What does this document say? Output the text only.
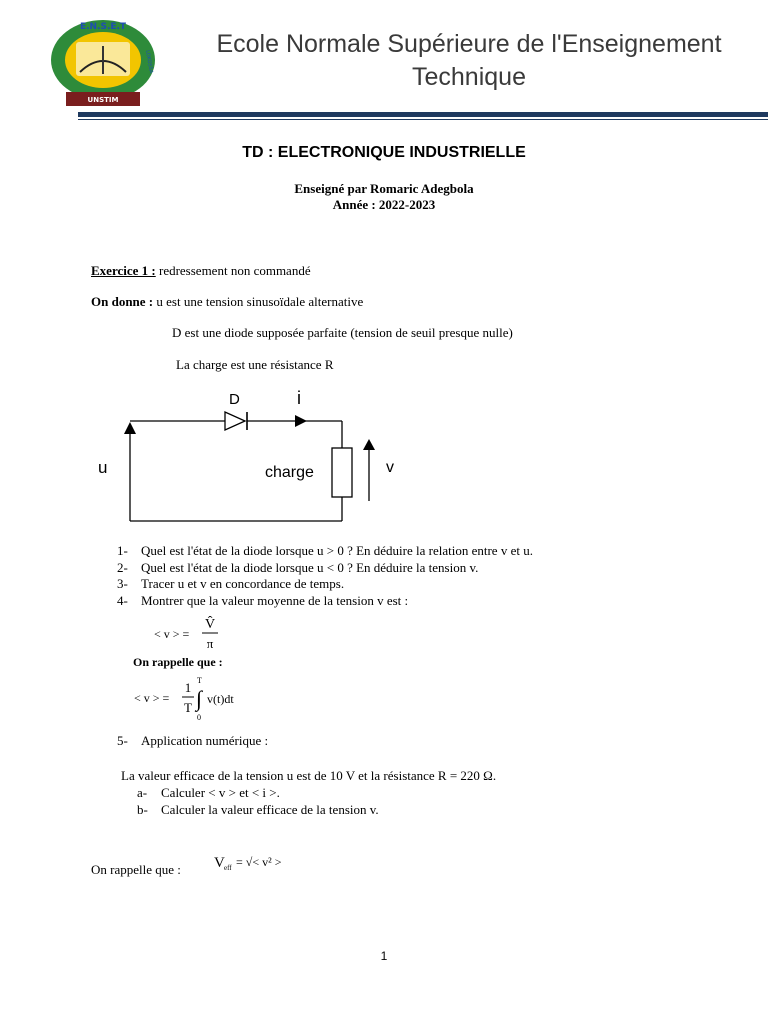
E.N.S.E.T
LOKOSSA
UNSTIM
Ecole Normale Supérieure de l'Enseignement Technique
TD : ELECTRONIQUE INDUSTRIELLE
Enseigné par Romaric Adegbola
Année : 2022-2023
Exercice 1 : redressement non commandé
On donne : u est une tension sinusoïdale alternative
D est une diode supposée parfaite (tension de seuil presque nulle)
La charge est une résistance R
D	i
u	charge	v
1- Quel est l'état de la diode lorsque u > 0 ? En déduire la relation entre v et u.
2- Quel est l'état de la diode lorsque u < 0 ? En déduire la tension v.
3- Tracer u et v en concordance de temps.
4- Montrer que la valeur moyenne de la tension v est :
< v > =
V̂
π
On rappelle que :
< v > =
1
T ∫
T
0
v(t)dt
5- Application numérique :
La valeur efficace de la tension u est de 10 V et la résistance R = 220 Ω.
a- Calculer < v > et < i >.
b- Calculer la valeur efficace de la tension v.
On rappelle que : V eff = √< v² >
1
